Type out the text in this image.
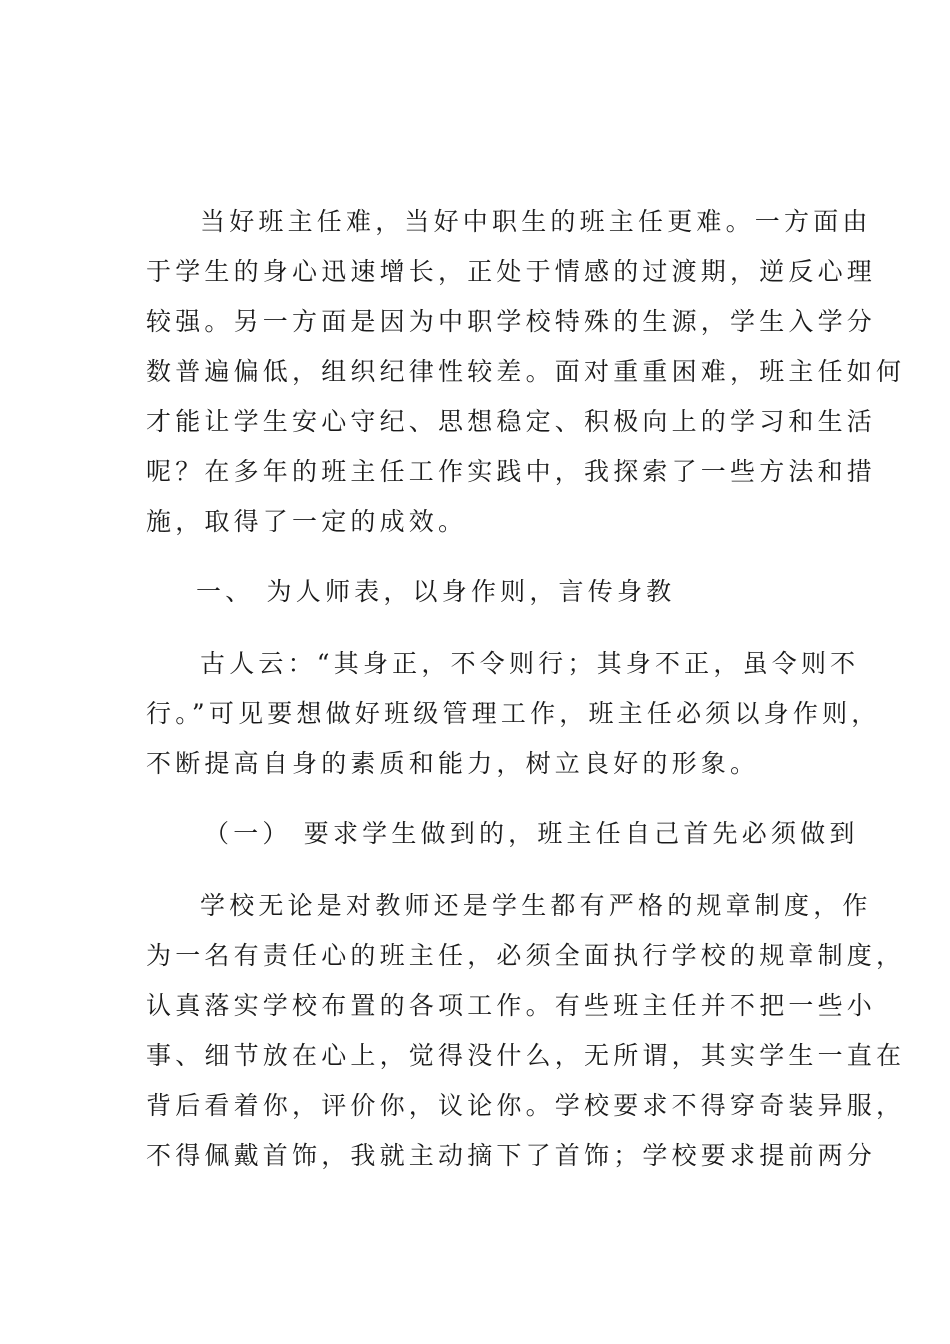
当好班主任难，当好中职生的班主任更难。一方面由
于学生的身心迅速增长，正处于情感的过渡期，逆反心理
较强。另一方面是因为中职学校特殊的生源，学生入学分
数普遍偏低，组织纪律性较差。面对重重困难，班主任如何
才能让学生安心守纪、思想稳定、积极向上的学习和生活
呢？在多年的班主任工作实践中，我探索了一些方法和措
施，取得了一定的成效。
一、 为人师表，以身作则，言传身教
古人云：“其身正，不令则行；其身不正，虽令则不
行。”可见要想做好班级管理工作，班主任必须以身作则，
不断提高自身的素质和能力，树立良好的形象。
（一） 要求学生做到的，班主任自己首先必须做到
学校无论是对教师还是学生都有严格的规章制度，作
为一名有责任心的班主任，必须全面执行学校的规章制度，
认真落实学校布置的各项工作。有些班主任并不把一些小
事、细节放在心上，觉得没什么，无所谓，其实学生一直在
背后看着你，评价你，议论你。学校要求不得穿奇装异服，
不得佩戴首饰，我就主动摘下了首饰；学校要求提前两分
